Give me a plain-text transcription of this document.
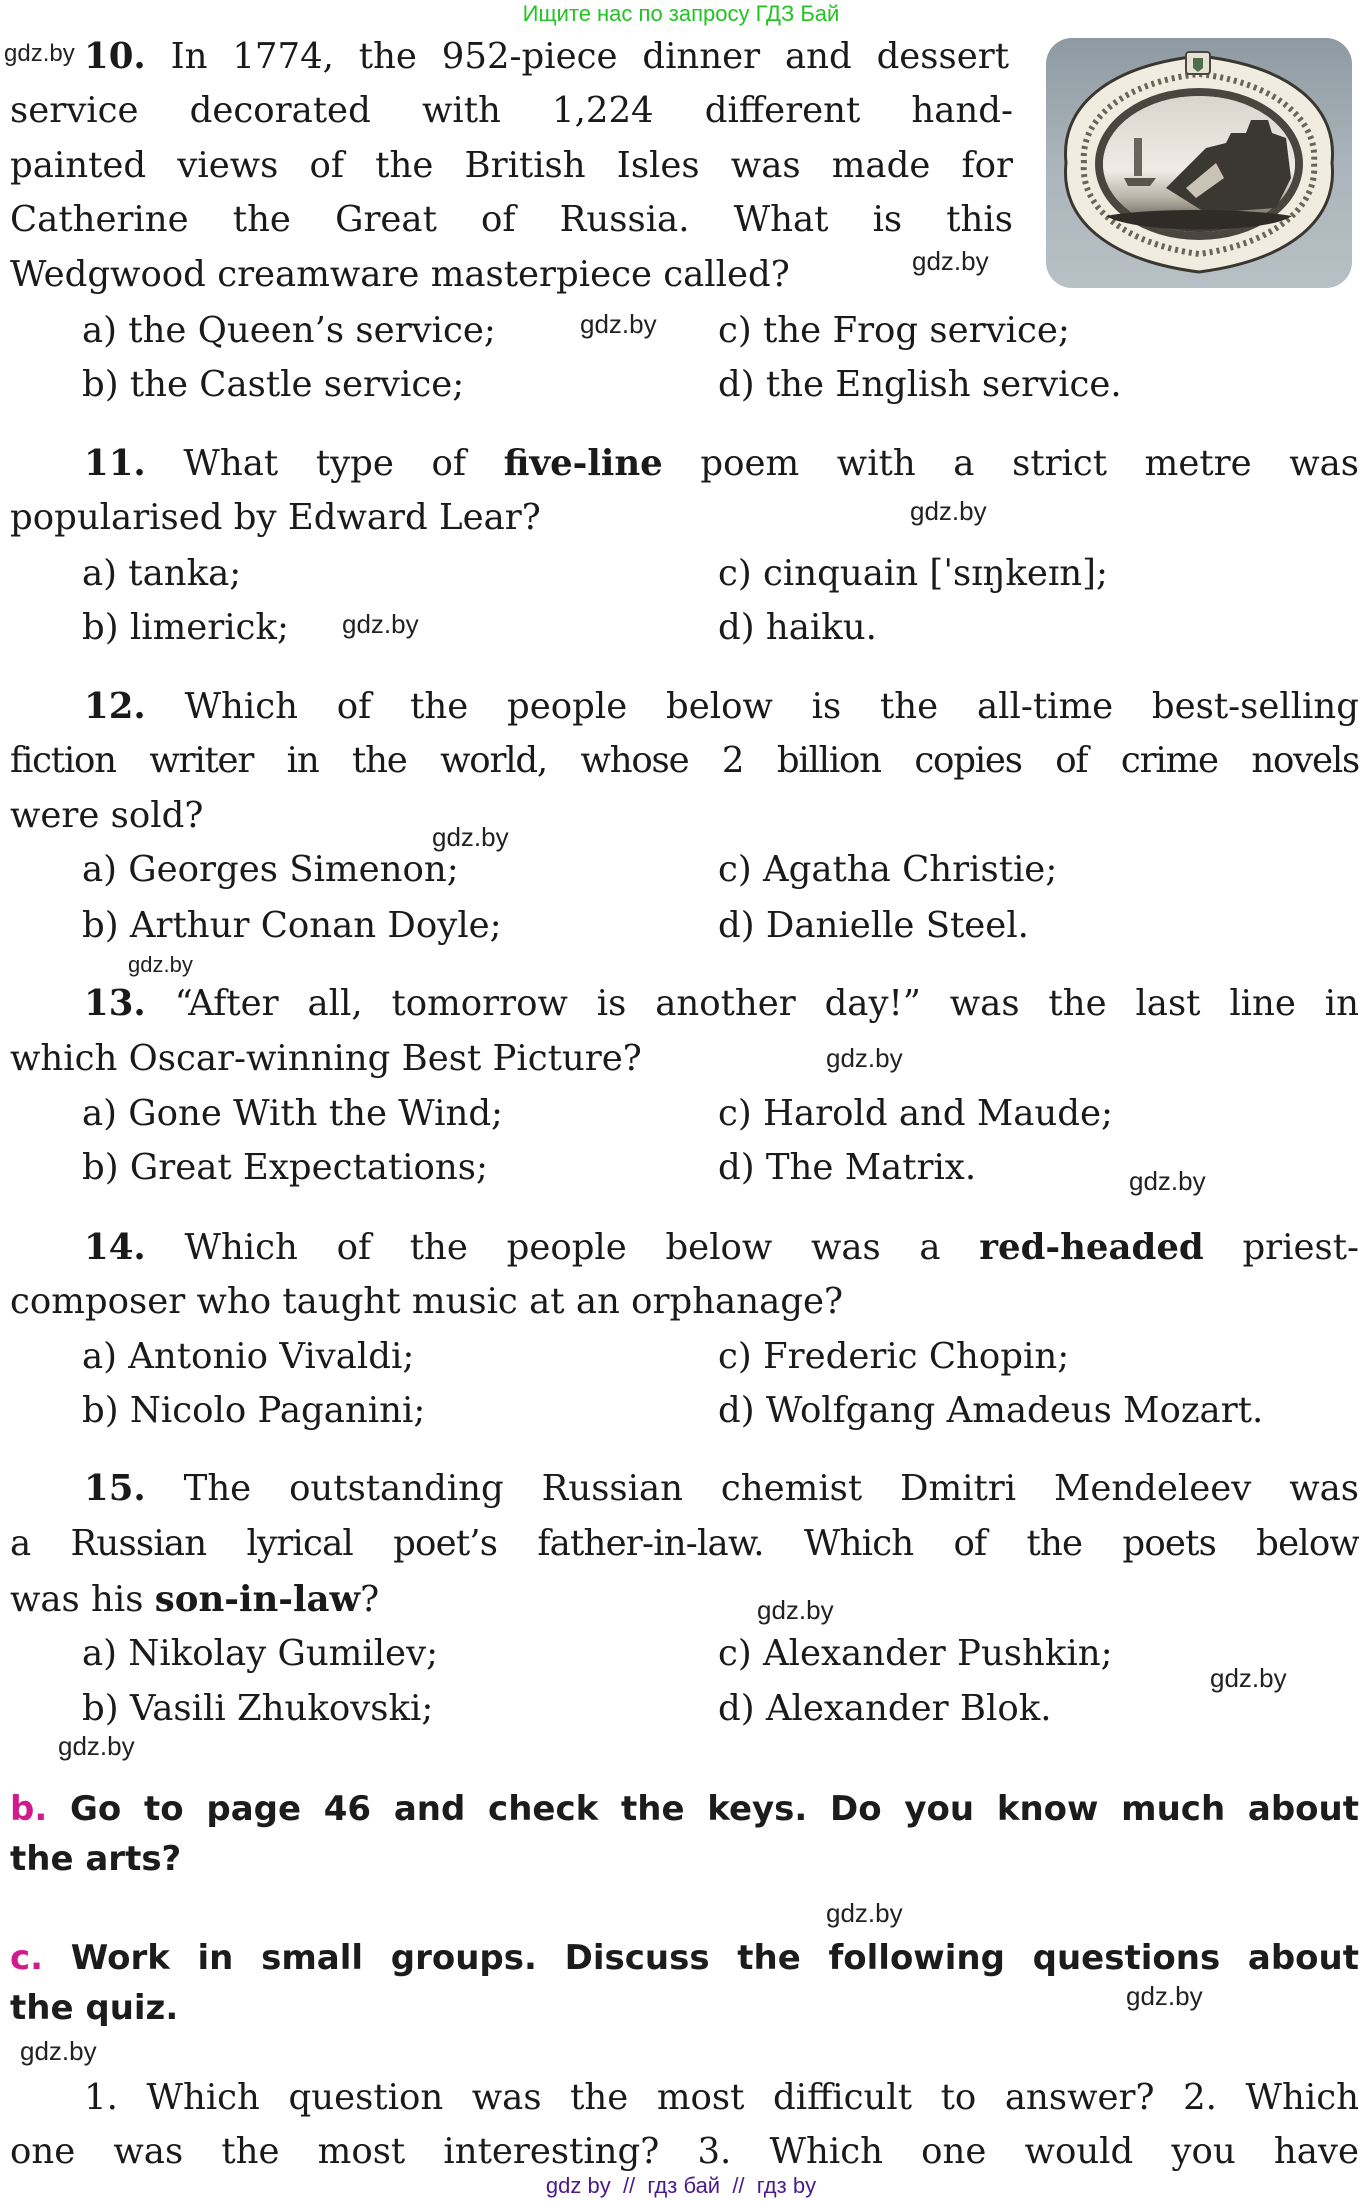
Ищите нас по запросу ГДЗ Бай
gdz.by 10. In 1774, the 952-piece dinner and dessert
service decorated with 1,224 different hand-
painted views of the British Isles was made for
Catherine the Great of Russia. What is this
Wedgwood creamware masterpiece called?	gdz.by
a) the Queen’s service;	gdz.by c) the Frog service;
b) the Castle service;	d) the English service.
11. What type of five-line poem with a strict metre was
popularised by Edward Lear?	gdz.by
a) tanka;	c) cinquain [ˈsɪŋkeɪn];
b) limerick; gdz.by	d) haiku.
12. Which of the people below is the all-time best-selling
fiction writer in the world, whose 2 billion copies of crime novels
were sold?
gdz.by
a) Georges Simenon;	c) Agatha Christie;
b) Arthur Conan Doyle;	d) Danielle Steel.
gdz.by
13. “After all, tomorrow is another day!” was the last line in
which Oscar-winning Best Picture?	gdz.by
a) Gone With the Wind;	c) Harold and Maude;
b) Great Expectations;	d) The Matrix.	gdz.by
14. Which of the people below was a red-headed priest-
composer who taught music at an orphanage?
a) Antonio Vivaldi;	c) Frederic Chopin;
b) Nicolo Paganini;	d) Wolfgang Amadeus Mozart.
15. The outstanding Russian chemist Dmitri Mendeleev was
a Russian lyrical poet’s father-in-law. Which of the poets below
was his son-in-law?	gdz.by
a) Nikolay Gumilev;	c) Alexander Pushkin;
gdz.by
b) Vasili Zhukovski;	d) Alexander Blok.
gdz.by
b. Go to page 46 and check the keys. Do you know much about
the arts?
gdz.by
c. Work in small groups. Discuss the following questions about
the quiz.	gdz.by
gdz.by
1. Which question was the most difficult to answer? 2. Which
one was the most interesting? 3. Which one would you have
gdz by  //  гдз бай  //  гдз by
